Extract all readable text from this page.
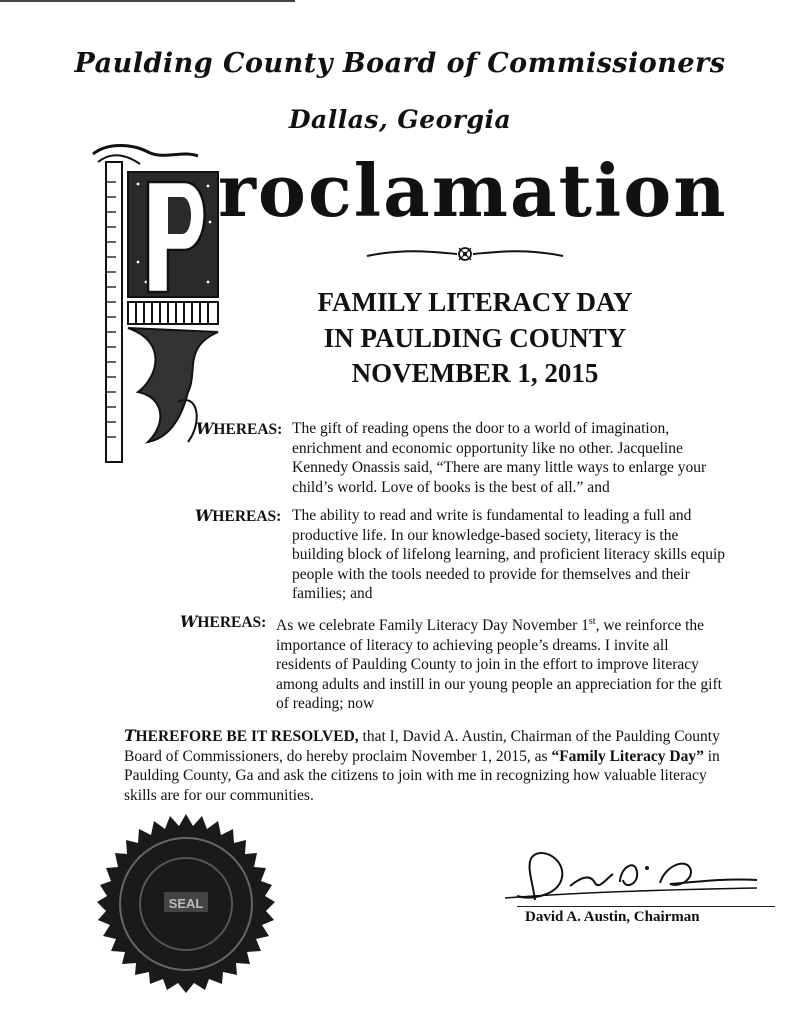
Paulding County Board of Commissioners
Dallas, Georgia
roclamation
FAMILY LITERACY DAY
IN PAULDING COUNTY
NOVEMBER 1, 2015
WHEREAS: The gift of reading opens the door to a world of imagination,
enrichment and economic opportunity like no other. Jacqueline
Kennedy Onassis said, “There are many little ways to enlarge your
child’s world. Love of books is the best of all.” and
WHEREAS: The ability to read and write is fundamental to leading a full and
productive life. In our knowledge-based society, literacy is the
building block of lifelong learning, and proficient literacy skills equip
people with the tools needed to provide for themselves and their
families; and
WHEREAS: As we celebrate Family Literacy Day November 1st, we reinforce the
importance of literacy to achieving people’s dreams. I invite all
residents of Paulding County to join in the effort to improve literacy
among adults and instill in our young people an appreciation for the gift
of reading; now
THEREFORE BE IT RESOLVED, that I, David A. Austin, Chairman of the Paulding County Board of Commissioners, do hereby proclaim November 1, 2015, as “Family Literacy Day” in Paulding County, Ga and ask the citizens to join with me in recognizing how valuable literacy skills are for our communities.
SEAL
David A. Austin, Chairman
